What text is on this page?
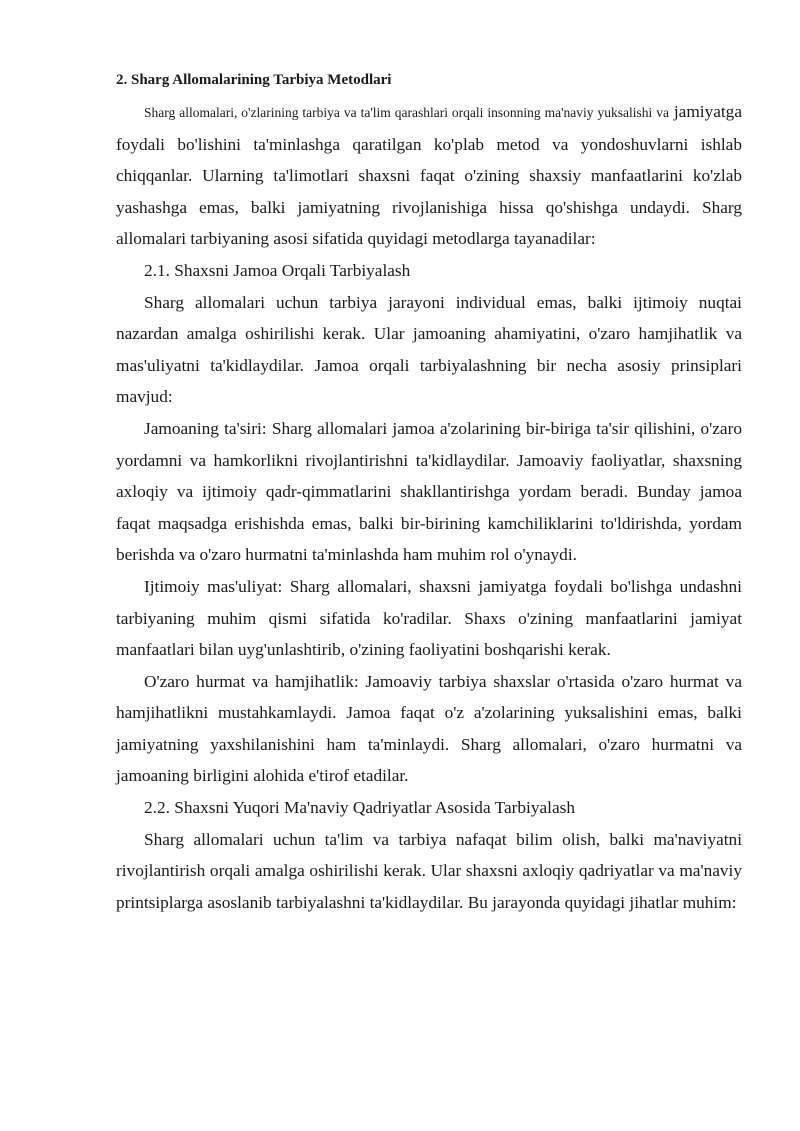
2. Sharg Allomalarining Tarbiya Metodlari

Sharg allomalari, o'zlarining tarbiya va ta'lim qarashlari orqali insonning ma'naviy yuksalishi va jamiyatga foydali bo'lishini ta'minlashga qaratilgan ko'plab metod va yondoshuvlarni ishlab chiqqanlar. Ularning ta'limotlari shaxsni faqat o'zining shaxsiy manfaatlarini ko'zlab yashashga emas, balki jamiyatning rivojlanishiga hissa qo'shishga undaydi. Sharg allomalari tarbiyaning asosi sifatida quyidagi metodlarga tayanadilar:

2.1. Shaxsni Jamoa Orqali Tarbiyalash

Sharg allomalari uchun tarbiya jarayoni individual emas, balki ijtimoiy nuqtai nazardan amalga oshirilishi kerak. Ular jamoaning ahamiyatini, o'zaro hamjihatlik va mas'uliyatni ta'kidlaydilar. Jamoa orqali tarbiyalashning bir necha asosiy prinsiplari mavjud:

Jamoaning ta'siri: Sharg allomalari jamoa a'zolarining bir-biriga ta'sir qilishini, o'zaro yordamni va hamkorlikni rivojlantirishni ta'kidlaydilar. Jamoaviy faoliyatlar, shaxsning axloqiy va ijtimoiy qadr-qimmatlarini shakllantirishga yordam beradi. Bunday jamoa faqat maqsadga erishishda emas, balki bir-birining kamchiliklarini to'ldirishda, yordam berishda va o'zaro hurmatni ta'minlashda ham muhim rol o'ynaydi.

Ijtimoiy mas'uliyat: Sharg allomalari, shaxsni jamiyatga foydali bo'lishga undashni tarbiyaning muhim qismi sifatida ko'radilar. Shaxs o'zining manfaatlarini jamiyat manfaatlari bilan uyg'unlashtirib, o'zining faoliyatini boshqarishi kerak.

O'zaro hurmat va hamjihatlik: Jamoaviy tarbiya shaxslar o'rtasida o'zaro hurmat va hamjihatlikni mustahkamlaydi. Jamoa faqat o'z a'zolarining yuksalishini emas, balki jamiyatning yaxshilanishini ham ta'minlaydi. Sharg allomalari, o'zaro hurmatni va jamoaning birligini alohida e'tirof etadilar.

2.2. Shaxsni Yuqori Ma'naviy Qadriyatlar Asosida Tarbiyalash

Sharg allomalari uchun ta'lim va tarbiya nafaqat bilim olish, balki ma'naviyatni rivojlantirish orqali amalga oshirilishi kerak. Ular shaxsni axloqiy qadriyatlar va ma'naviy printsiplarga asoslanib tarbiyalashni ta'kidlaydilar. Bu jarayonda quyidagi jihatlar muhim:
